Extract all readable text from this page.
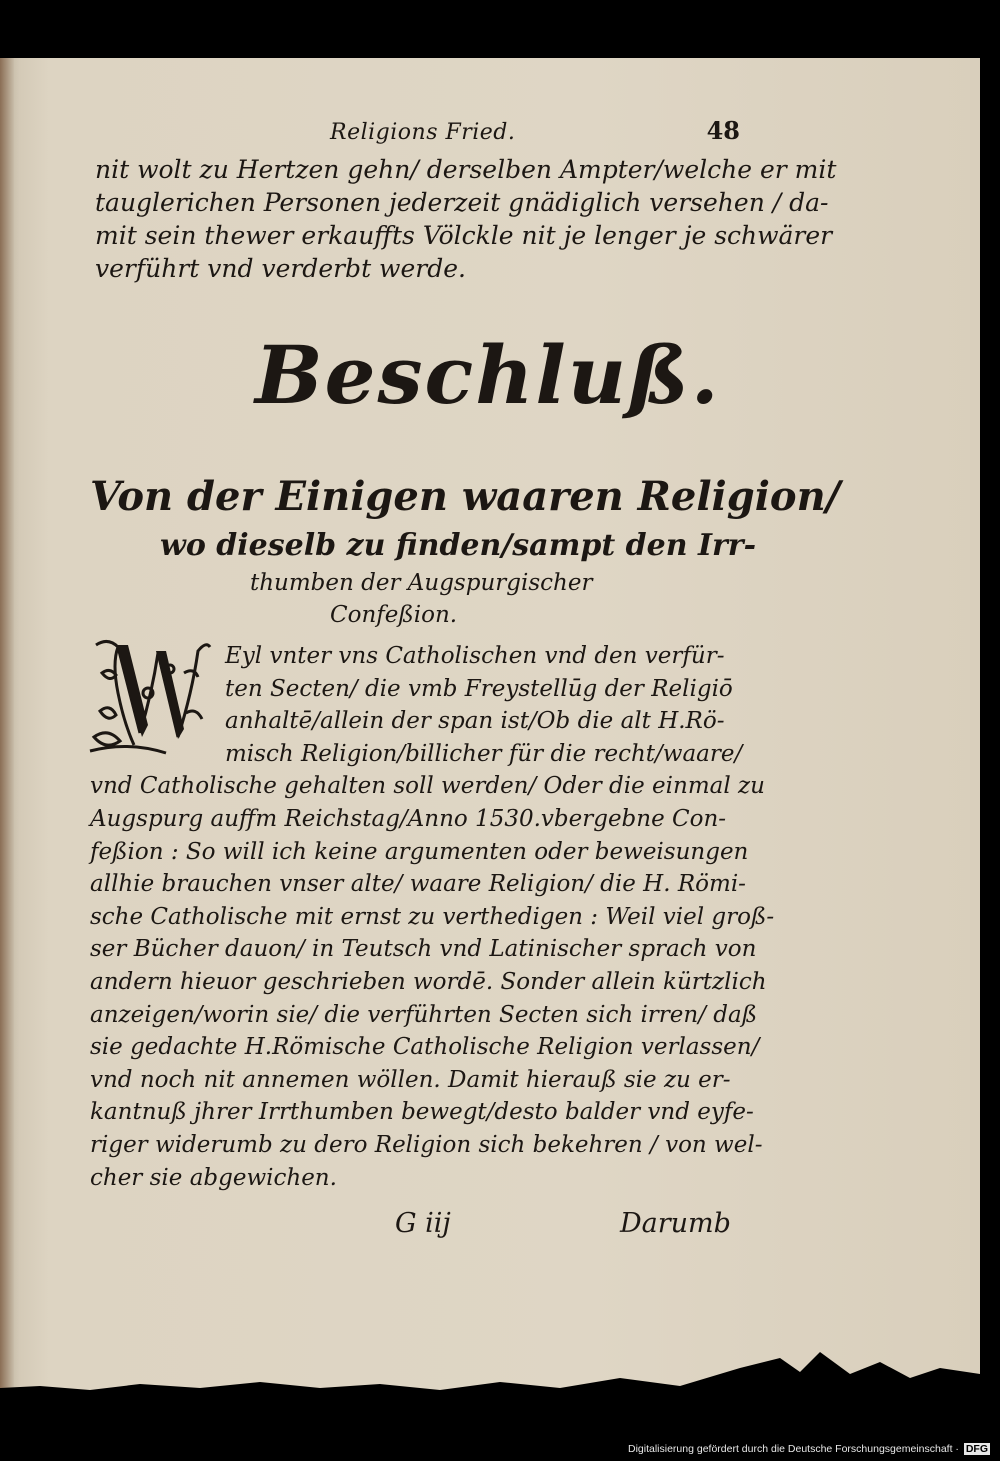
Religions Fried.	48
nit wolt zu Hertzen gehn/ derselben Ampter/welche er mit
tauglerichen Personen jederzeit gnädiglich versehen / da-
mit sein thewer erkauffts Völckle nit je lenger je schwärer
verführt vnd verderbt werde.
Beschluß.
Von der Einigen waaren Religion/
wo dieselb zu finden/sampt den Irr-
thumben der Augspurgischer
Confeßion.
Eyl vnter vns Catholischen vnd den verfür-
ten Secten/ die vmb Freystellūg der Religiō
anhaltē/allein der span ist/Ob die alt H.Rö-
misch Religion/billicher für die recht/waare/
vnd Catholische gehalten soll werden/ Oder die einmal zu
Augspurg auffm Reichstag/Anno 1530.vbergebne Con-
feßion : So will ich keine argumenten oder beweisungen
allhie brauchen vnser alte/ waare Religion/ die H. Römi-
sche Catholische mit ernst zu verthedigen : Weil viel groß-
ser Bücher dauon/ in Teutsch vnd Latinischer sprach von
andern hieuor geschrieben wordē. Sonder allein kürtzlich
anzeigen/worin sie/ die verführten Secten sich irren/ daß
sie gedachte H.Römische Catholische Religion verlassen/
vnd noch nit annemen wöllen. Damit hierauß sie zu er-
kantnuß jhrer Irrthumben bewegt/desto balder vnd eyfe-
riger widerumb zu dero Religion sich bekehren / von wel-
cher sie abgewichen.
G iij	Darumb
Digitalisierung gefördert durch die Deutsche Forschungsgemeinschaft · DFG
